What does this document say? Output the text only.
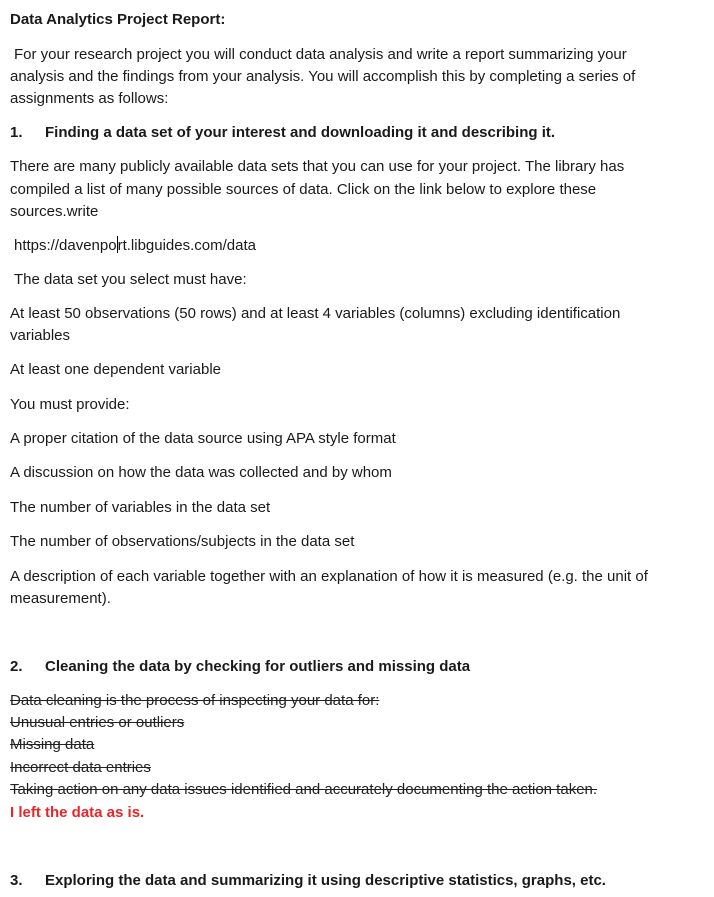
Data Analytics Project Report:
For your research project you will conduct data analysis and write a report summarizing your
analysis and the findings from your analysis. You will accomplish this by completing a series of
assignments as follows:
1. Finding a data set of your interest and downloading it and describing it.
There are many publicly available data sets that you can use for your project. The library has
compiled a list of many possible sources of data. Click on the link below to explore these
sources.write
https://davenport.libguides.com/data
The data set you select must have:
At least 50 observations (50 rows) and at least 4 variables (columns) excluding identification
variables
At least one dependent variable
You must provide:
A proper citation of the data source using APA style format
A discussion on how the data was collected and by whom
The number of variables in the data set
The number of observations/subjects in the data set
A description of each variable together with an explanation of how it is measured (e.g. the unit of
measurement).
2. Cleaning the data by checking for outliers and missing data
Data cleaning is the process of inspecting your data for:
Unusual entries or outliers
Missing data
Incorrect data entries
Taking action on any data issues identified and accurately documenting the action taken.
I left the data as is.
3. Exploring the data and summarizing it using descriptive statistics, graphs, etc.
